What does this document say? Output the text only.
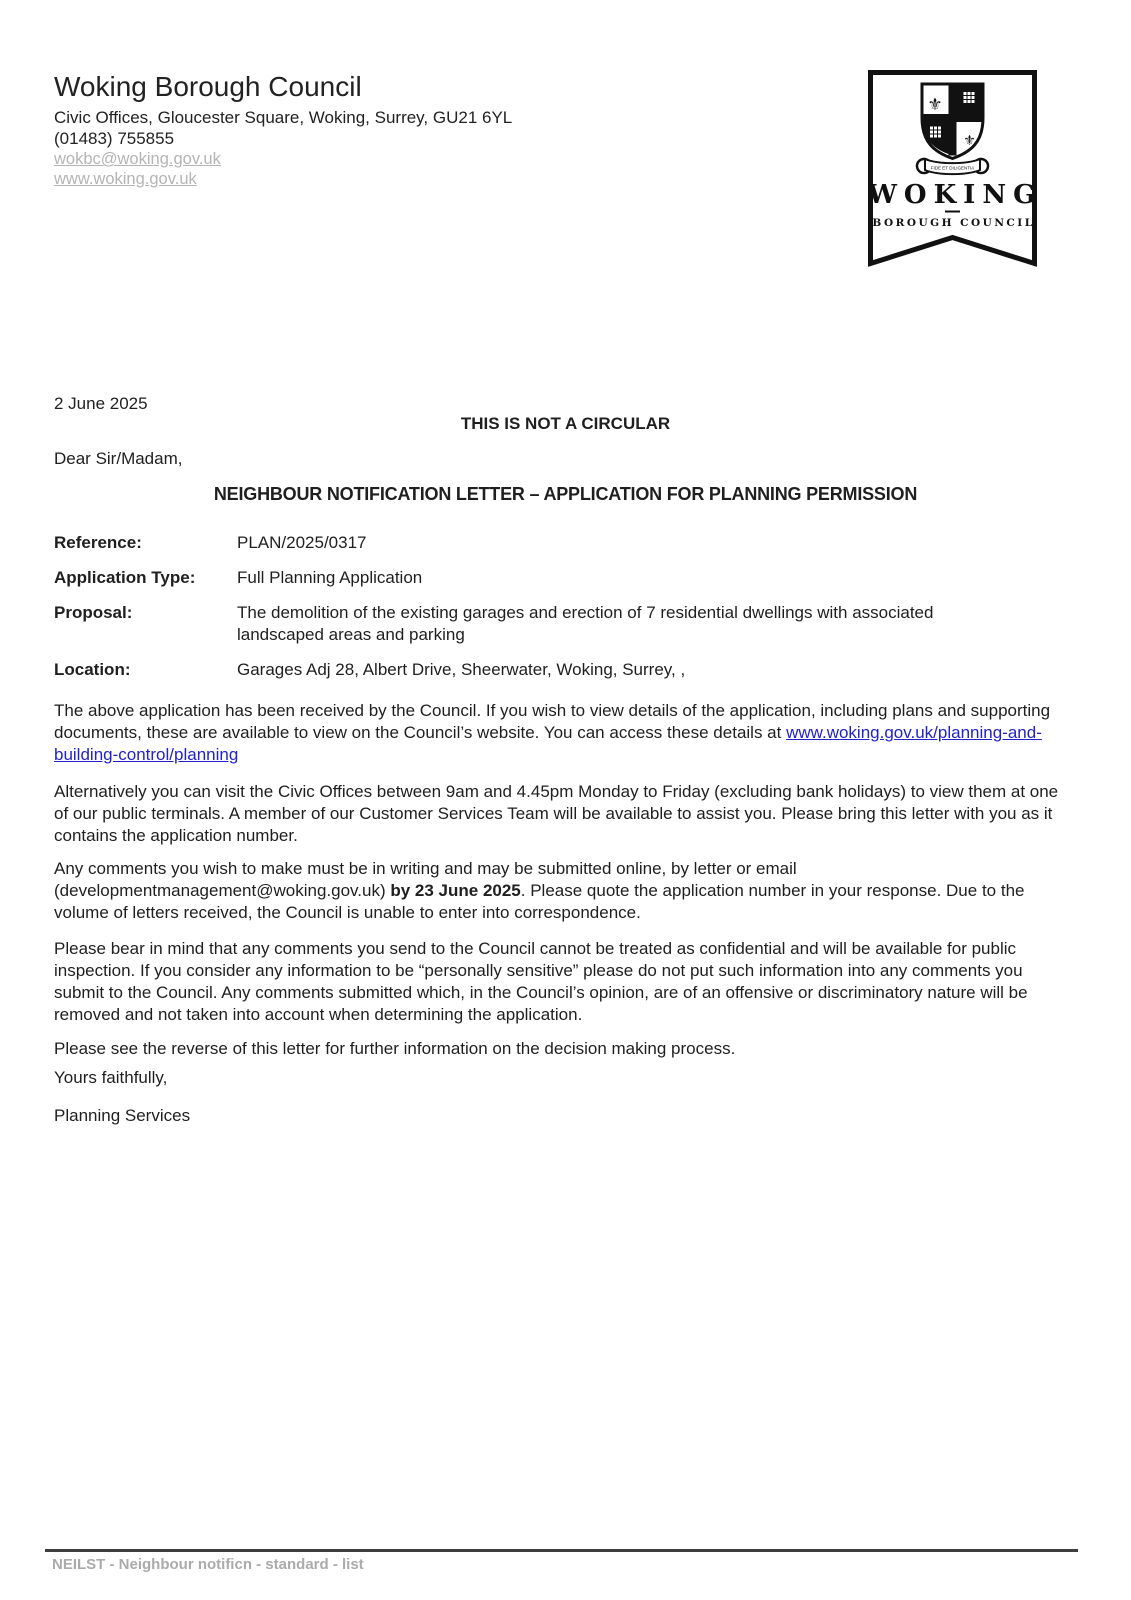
Woking Borough Council
Civic Offices, Gloucester Square, Woking, Surrey, GU21 6YL
(01483) 755855
wokbc@woking.gov.uk
www.woking.gov.uk
⚜
⚜
FIDE ET DILIGENTIA
WOKING
BOROUGH COUNCIL
2 June 2025
THIS IS NOT A CIRCULAR
Dear Sir/Madam,
NEIGHBOUR NOTIFICATION LETTER – APPLICATION FOR PLANNING PERMISSION
Reference:	PLAN/2025/0317
Application Type:	Full Planning Application
Proposal:	The demolition of the existing garages and erection of 7 residential dwellings with associated landscaped areas and parking
Location:	Garages Adj 28, Albert Drive, Sheerwater, Woking, Surrey, ,

The above application has been received by the Council. If you wish to view details of the application, including plans and supporting documents, these are available to view on the Council’s website. You can access these details at www.woking.gov.uk/planning-and-building-control/planning

Alternatively you can visit the Civic Offices between 9am and 4.45pm Monday to Friday (excluding bank holidays) to view them at one of our public terminals. A member of our Customer Services Team will be available to assist you. Please bring this letter with you as it contains the application number.

Any comments you wish to make must be in writing and may be submitted online, by letter or email (developmentmanagement@woking.gov.uk) by 23 June 2025. Please quote the application number in your response. Due to the volume of letters received, the Council is unable to enter into correspondence.

Please bear in mind that any comments you send to the Council cannot be treated as confidential and will be available for public inspection. If you consider any information to be “personally sensitive” please do not put such information into any comments you submit to the Council. Any comments submitted which, in the Council’s opinion, are of an offensive or discriminatory nature will be removed and not taken into account when determining the application.

Please see the reverse of this letter for further information on the decision making process.

Yours faithfully,

Planning Services

NEILST - Neighbour notificn - standard - list
